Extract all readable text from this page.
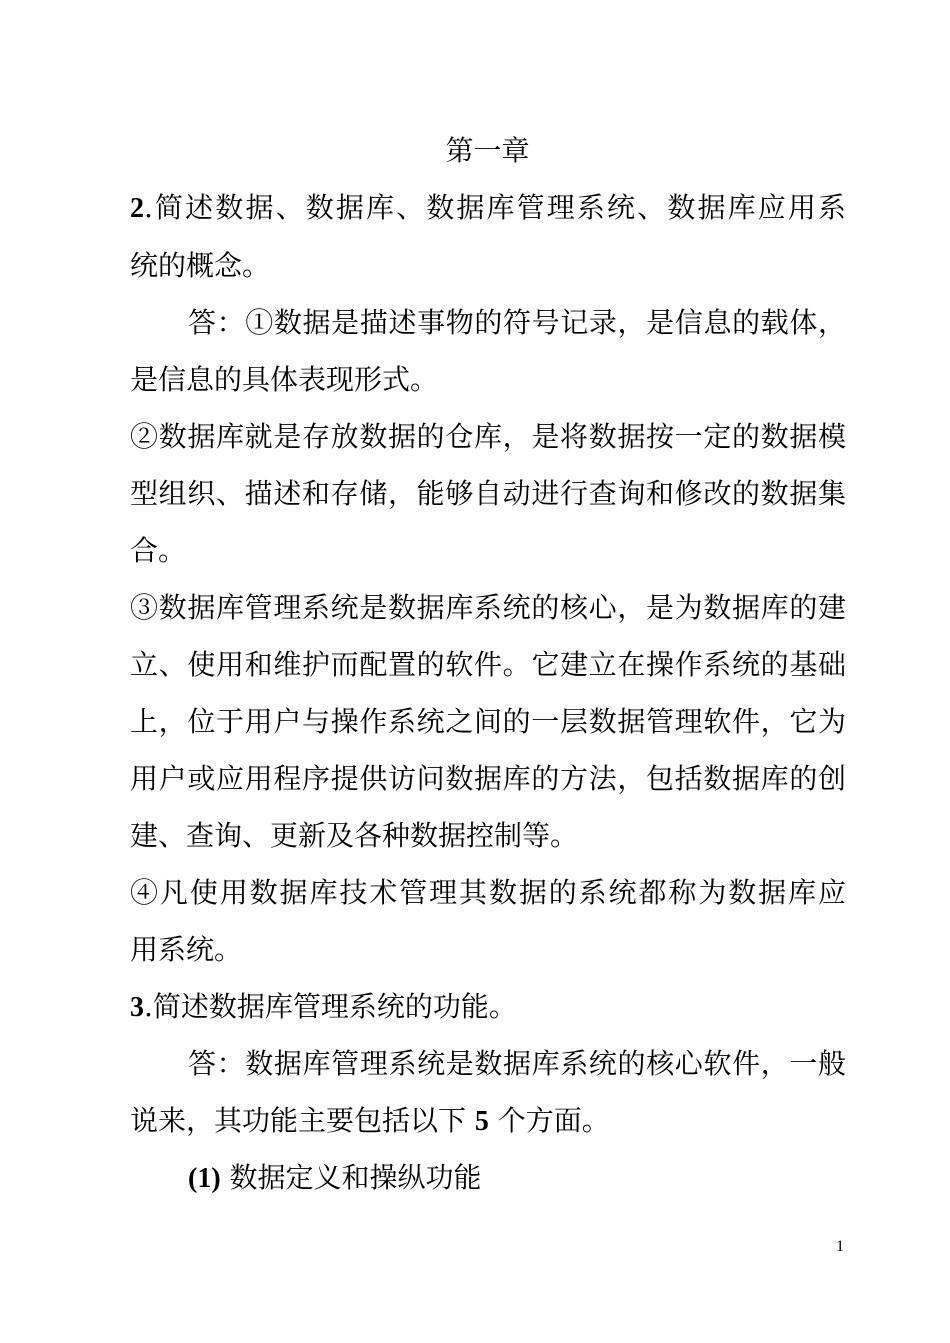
第一章
2.简述数据、数据库、数据库管理系统、数据库应用系
统的概念。
答：①数据是描述事物的符号记录，是信息的载体，
是信息的具体表现形式。
②数据库就是存放数据的仓库，是将数据按一定的数据模
型组织、描述和存储，能够自动进行查询和修改的数据集
合。
③数据库管理系统是数据库系统的核心，是为数据库的建
立、使用和维护而配置的软件。它建立在操作系统的基础
上，位于用户与操作系统之间的一层数据管理软件，它为
用户或应用程序提供访问数据库的方法，包括数据库的创
建、查询、更新及各种数据控制等。
④凡使用数据库技术管理其数据的系统都称为数据库应
用系统。
3.简述数据库管理系统的功能。
答：数据库管理系统是数据库系统的核心软件，一般
说来，其功能主要包括以下 5 个方面。
(1) 数据定义和操纵功能
1
